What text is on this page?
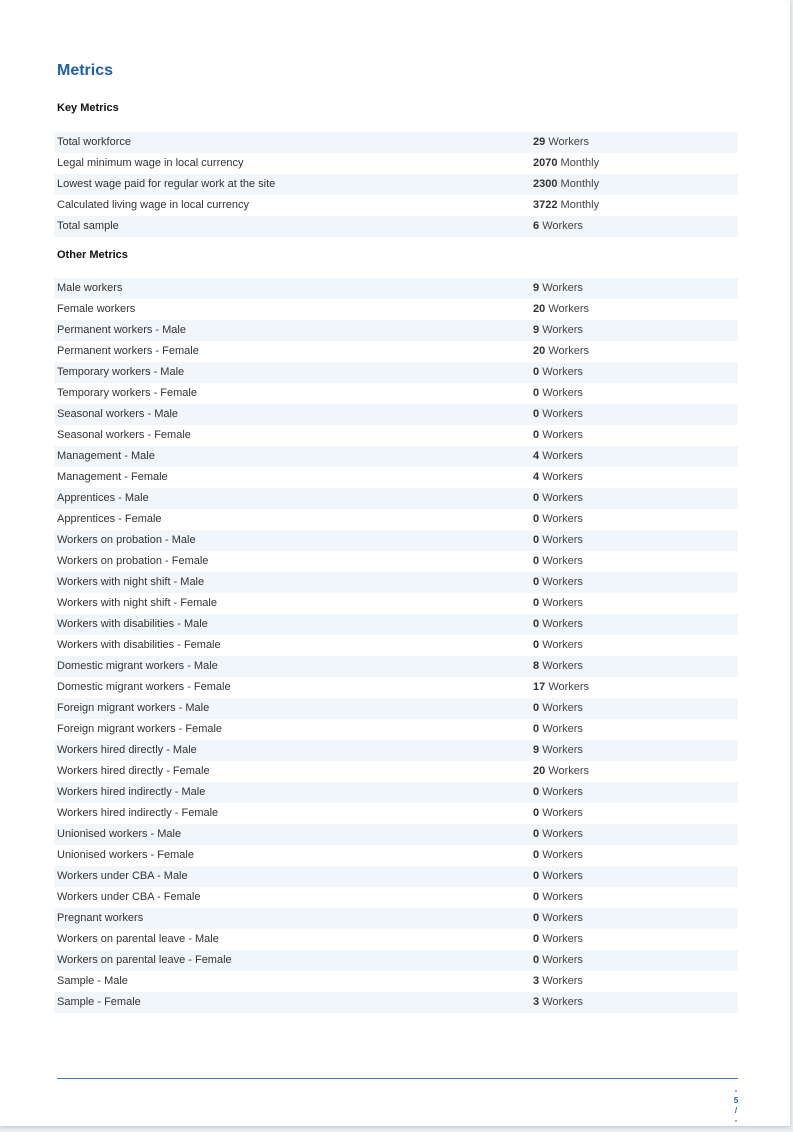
Metrics
Key Metrics
Total workforce	29 Workers
Legal minimum wage in local currency	2070 Monthly
Lowest wage paid for regular work at the site	2300 Monthly
Calculated living wage in local currency	3722 Monthly
Total sample	6 Workers
Other Metrics
Male workers	9 Workers
Female workers	20 Workers
Permanent workers - Male	9 Workers
Permanent workers - Female	20 Workers
Temporary workers - Male	0 Workers
Temporary workers - Female	0 Workers
Seasonal workers - Male	0 Workers
Seasonal workers - Female	0 Workers
Management - Male	4 Workers
Management - Female	4 Workers
Apprentices - Male	0 Workers
Apprentices - Female	0 Workers
Workers on probation - Male	0 Workers
Workers on probation - Female	0 Workers
Workers with night shift - Male	0 Workers
Workers with night shift - Female	0 Workers
Workers with disabilities - Male	0 Workers
Workers with disabilities - Female	0 Workers
Domestic migrant workers - Male	8 Workers
Domestic migrant workers - Female	17 Workers
Foreign migrant workers - Male	0 Workers
Foreign migrant workers - Female	0 Workers
Workers hired directly - Male	9 Workers
Workers hired directly - Female	20 Workers
Workers hired indirectly - Male	0 Workers
Workers hired indirectly - Female	0 Workers
Unionised workers - Male	0 Workers
Unionised workers - Female	0 Workers
Workers under CBA - Male	0 Workers
Workers under CBA - Female	0 Workers
Pregnant workers	0 Workers
Workers on parental leave - Male	0 Workers
Workers on parental leave - Female	0 Workers
Sample - Male	3 Workers
Sample - Female	3 Workers
-
5
/
-
